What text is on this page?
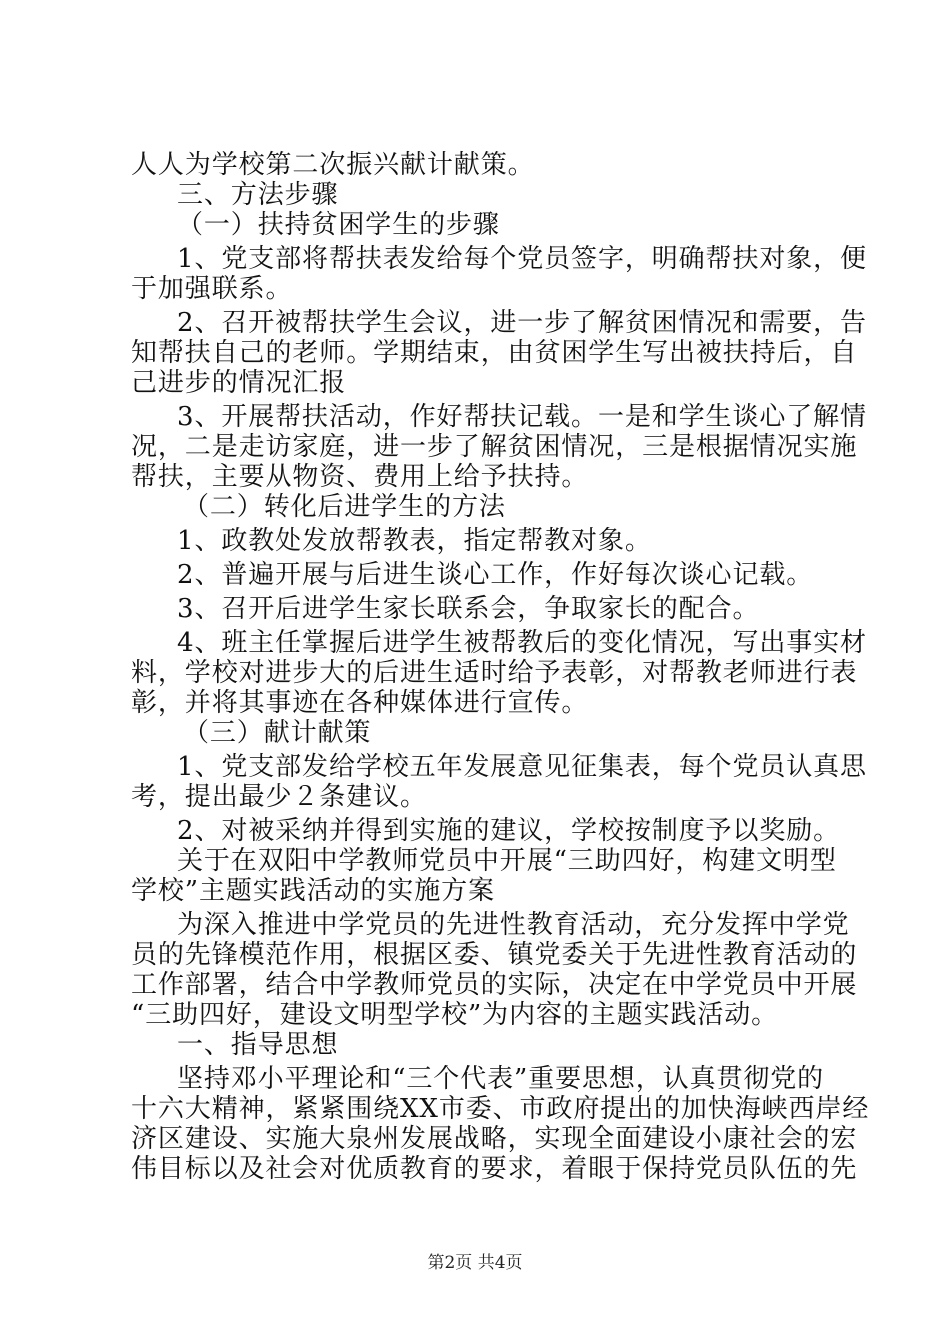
人人为学校第二次振兴献计献策。
三、方法步骤
（一）扶持贫困学生的步骤
1、党支部将帮扶表发给每个党员签字，明确帮扶对象，便
于加强联系。
2、召开被帮扶学生会议，进一步了解贫困情况和需要，告
知帮扶自己的老师。学期结束，由贫困学生写出被扶持后，自
己进步的情况汇报
3、开展帮扶活动，作好帮扶记载。一是和学生谈心了解情
况，二是走访家庭，进一步了解贫困情况，三是根据情况实施
帮扶，主要从物资、费用上给予扶持。
（二）转化后进学生的方法
1、政教处发放帮教表，指定帮教对象。
2、普遍开展与后进生谈心工作，作好每次谈心记载。
3、召开后进学生家长联系会，争取家长的配合。
4、班主任掌握后进学生被帮教后的变化情况，写出事实材
料，学校对进步大的后进生适时给予表彰，对帮教老师进行表
彰，并将其事迹在各种媒体进行宣传。
（三）献计献策
1、党支部发给学校五年发展意见征集表，每个党员认真思
考，提出最少２条建议。
2、对被采纳并得到实施的建议，学校按制度予以奖励。
关于在双阳中学教师党员中开展“三助四好，构建文明型
学校”主题实践活动的实施方案
为深入推进中学党员的先进性教育活动，充分发挥中学党
员的先锋模范作用，根据区委、镇党委关于先进性教育活动的
工作部署，结合中学教师党员的实际，决定在中学党员中开展
“三助四好，建设文明型学校”为内容的主题实践活动。
一、指导思想
坚持邓小平理论和“三个代表”重要思想，认真贯彻党的
十六大精神，紧紧围绕XX市委、市政府提出的加快海峡西岸经
济区建设、实施大泉州发展战略，实现全面建设小康社会的宏
伟目标以及社会对优质教育的要求，着眼于保持党员队伍的先
第2页 共4页
